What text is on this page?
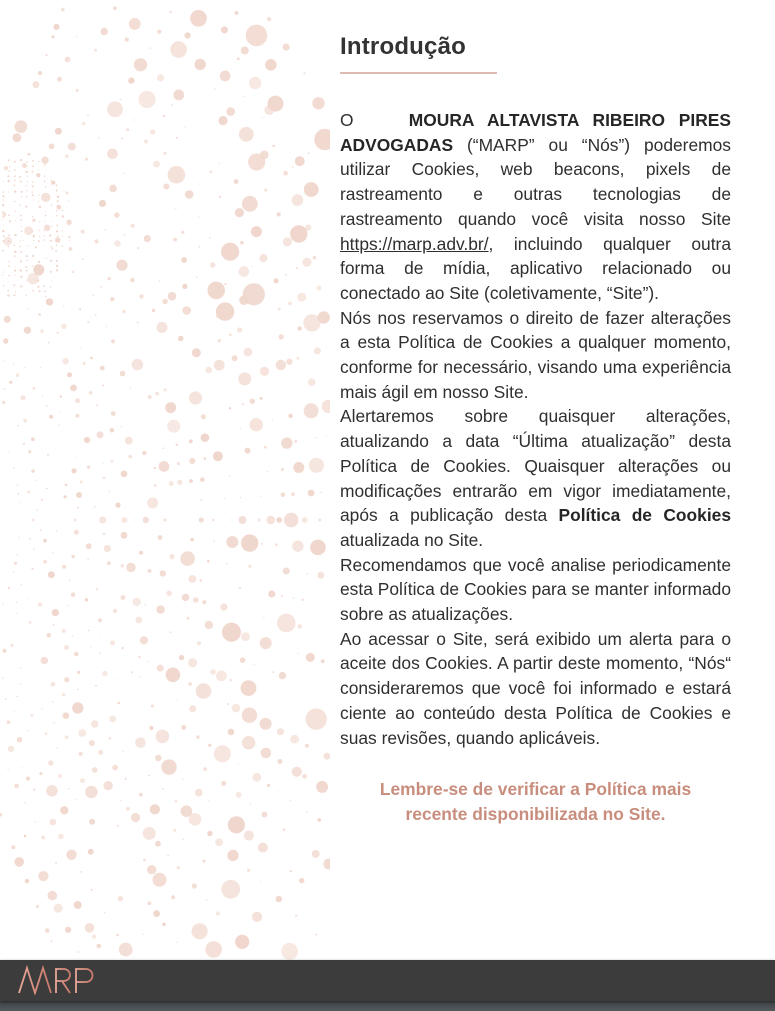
Introdução

O	MOURA ALTAVISTA RIBEIRO PIRES ADVOGADAS (“MARP” ou “Nós”) poderemos utilizar Cookies, web beacons, pixels de rastreamento e outras tecnologias de rastreamento quando você visita nosso Site https://marp.adv.br/, incluindo qualquer outra forma de mídia, aplicativo relacionado ou conectado ao Site (coletivamente, “Site”).

Nós nos reservamos o direito de fazer alterações a esta Política de Cookies a qualquer momento, conforme for necessário, visando uma experiência mais ágil em nosso Site.

Alertaremos sobre quaisquer alterações, atualizando a data “Última atualização” desta Política de Cookies. Quaisquer alterações ou modificações entrarão em vigor imediatamente, após a publicação desta Política de Cookies atualizada no Site.

Recomendamos que você analise periodicamente esta Política de Cookies para se manter informado sobre as atualizações.

Ao acessar o Site, será exibido um alerta para o aceite dos Cookies. A partir deste momento, “Nós“ consideraremos que você foi informado e estará ciente ao conteúdo desta Política de Cookies e suas revisões, quando aplicáveis.

Lembre-se de verificar a Política mais
recente disponibilizada no Site.
